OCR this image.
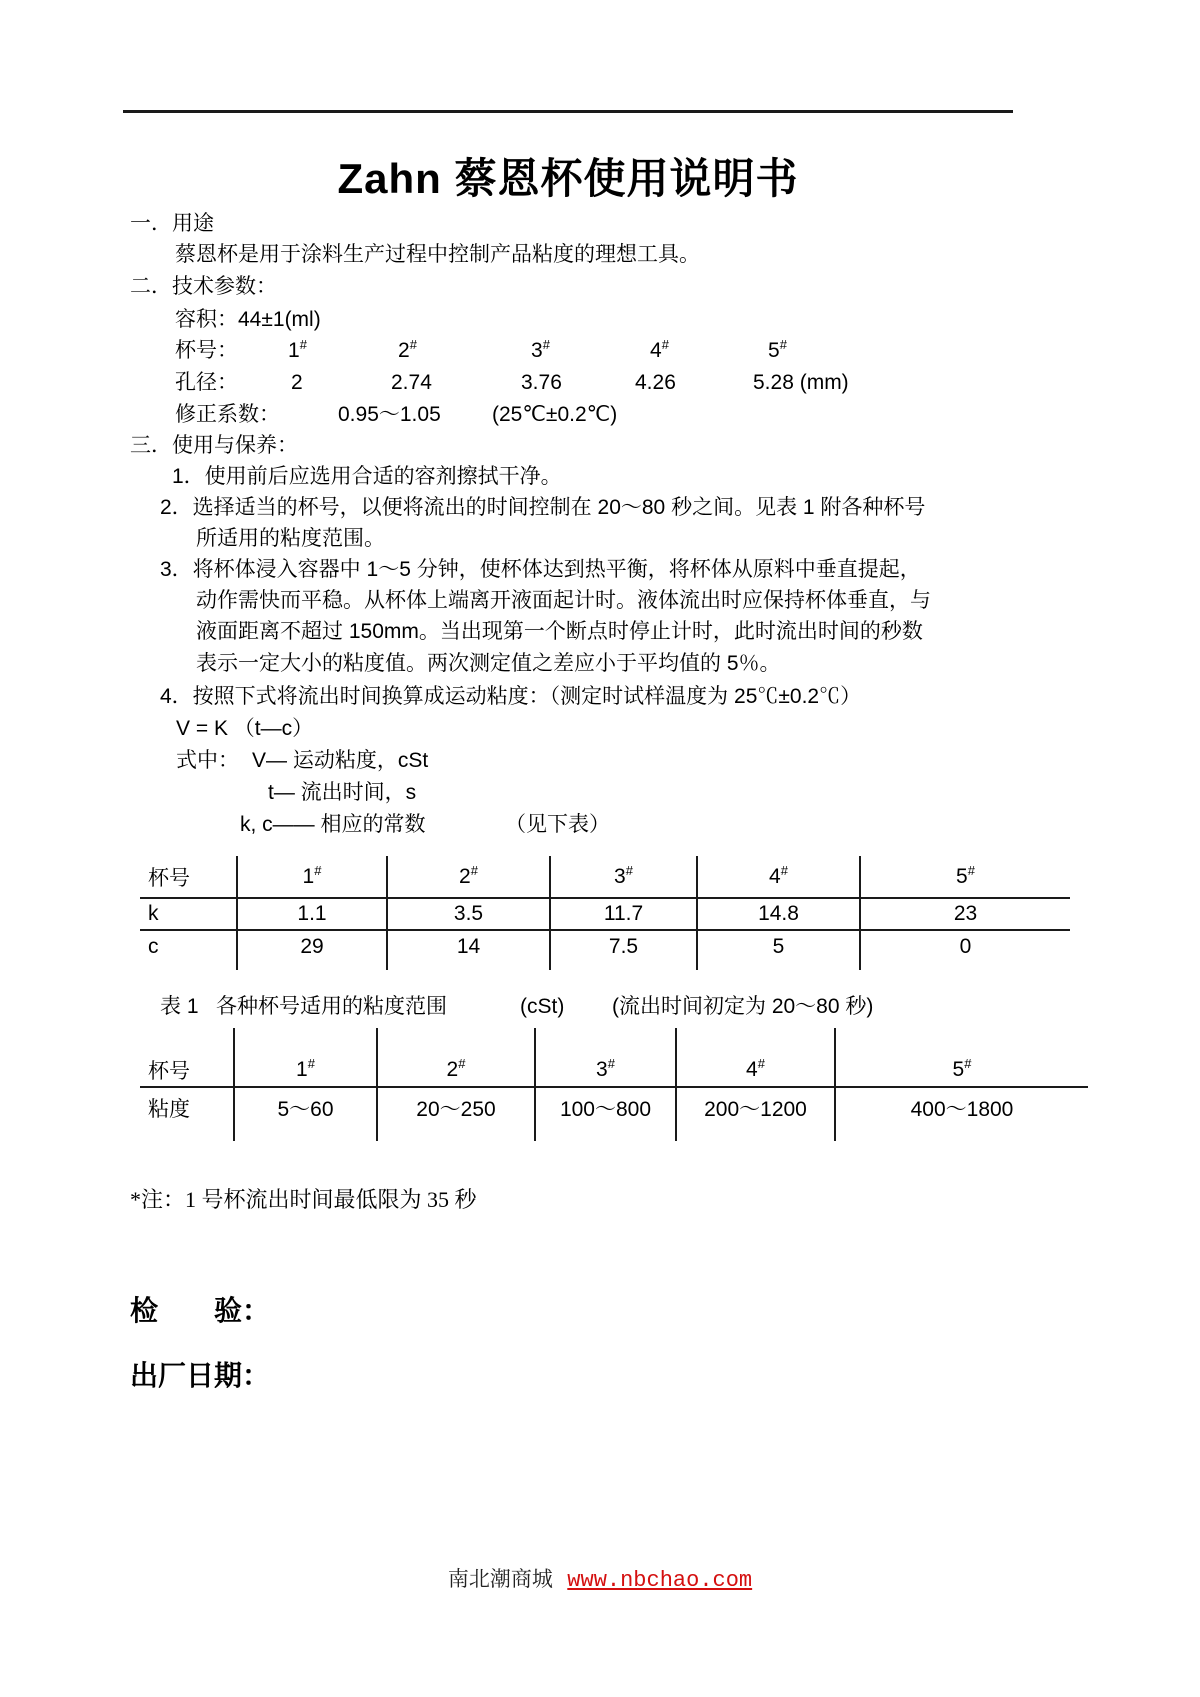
Zahn 蔡恩杯使用说明书
一．用途
蔡恩杯是用于涂料生产过程中控制产品粘度的理想工具。
二．技术参数：
容积：44±1(ml)
杯号： 1#	2#	3#	4#	5#
孔径：	2	2.74	3.76	4.26	5.28 (mm)
修正系数：	0.95～1.05 (25℃±0.2℃)
三．使用与保养：
1．使用前后应选用合适的容剂擦拭干净。
2．选择适当的杯号，以便将流出的时间控制在 20～80 秒之间。见表 1 附各种杯号
所适用的粘度范围。
3．将杯体浸入容器中 1～5 分钟，使杯体达到热平衡，将杯体从原料中垂直提起，
动作需快而平稳。从杯体上端离开液面起计时。液体流出时应保持杯体垂直，与
液面距离不超过 150mm。当出现第一个断点时停止计时，此时流出时间的秒数
表示一定大小的粘度值。两次测定值之差应小于平均值的 5％。
4．按照下式将流出时间换算成运动粘度：（测定时试样温度为 25℃±0.2℃）
V = K （t—c）
式中： V— 运动粘度，cSt
t— 流出时间，s
k, c—— 相应的常数	（见下表）
杯号	1#	2#	3#	4#	5#
k	1.1	3.5	11.7	14.8	23
c	29	14	7.5	5	0
表 1 各种杯号适用的粘度范围	(cSt) (流出时间初定为 20～80 秒)

杯号	1#	2#	3#	4#	5#
粘度	5～60	20～250	100～800	200～1200	400～1800

*注：1 号杯流出时间最低限为 35 秒
检　　验：
出厂日期：
南北潮商城 www.nbchao.com
